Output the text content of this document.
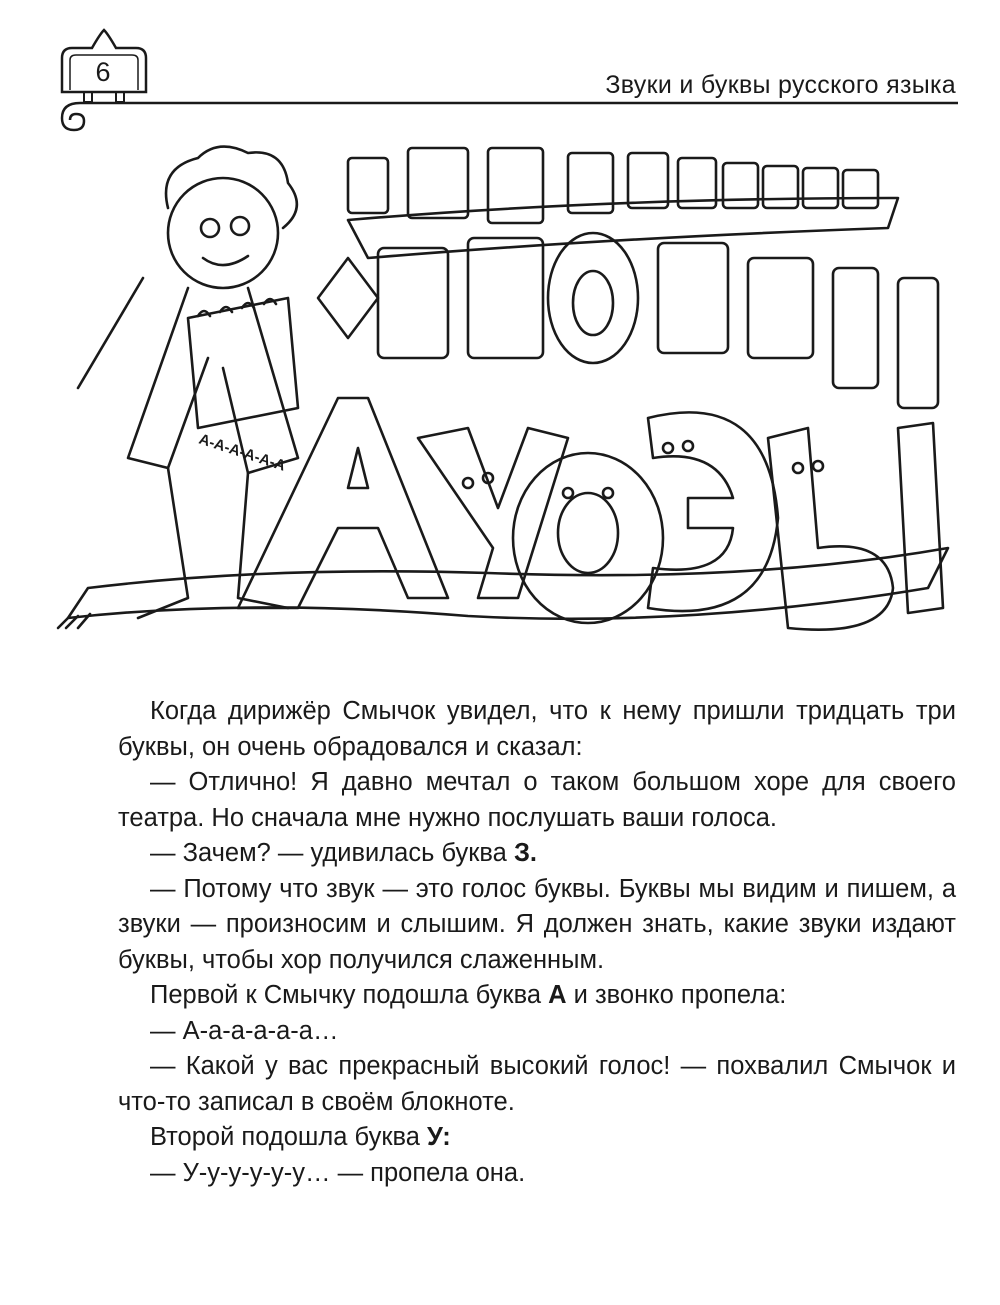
6	Звуки и буквы русского языка
А-А-А-А-А-А

Когда дирижёр Смычок увидел, что к нему пришли тридцать три буквы, он очень обрадовался и сказал:

— Отлично! Я давно мечтал о таком большом хоре для своего театра. Но сначала мне нужно послушать ваши голоса.

— Зачем? — удивилась буква З.

— Потому что звук — это голос буквы. Буквы мы видим и пишем, а звуки — произносим и слышим. Я должен знать, какие звуки издают буквы, чтобы хор получился слаженным.

Первой к Смычку подошла буква А и звонко пропела:

— А-а-а-а-а-а…

— Какой у вас прекрасный высокий голос! — похвалил Смычок и что-то записал в своём блокноте.

Второй подошла буква У:

— У-у-у-у-у-у… — пропела она.
